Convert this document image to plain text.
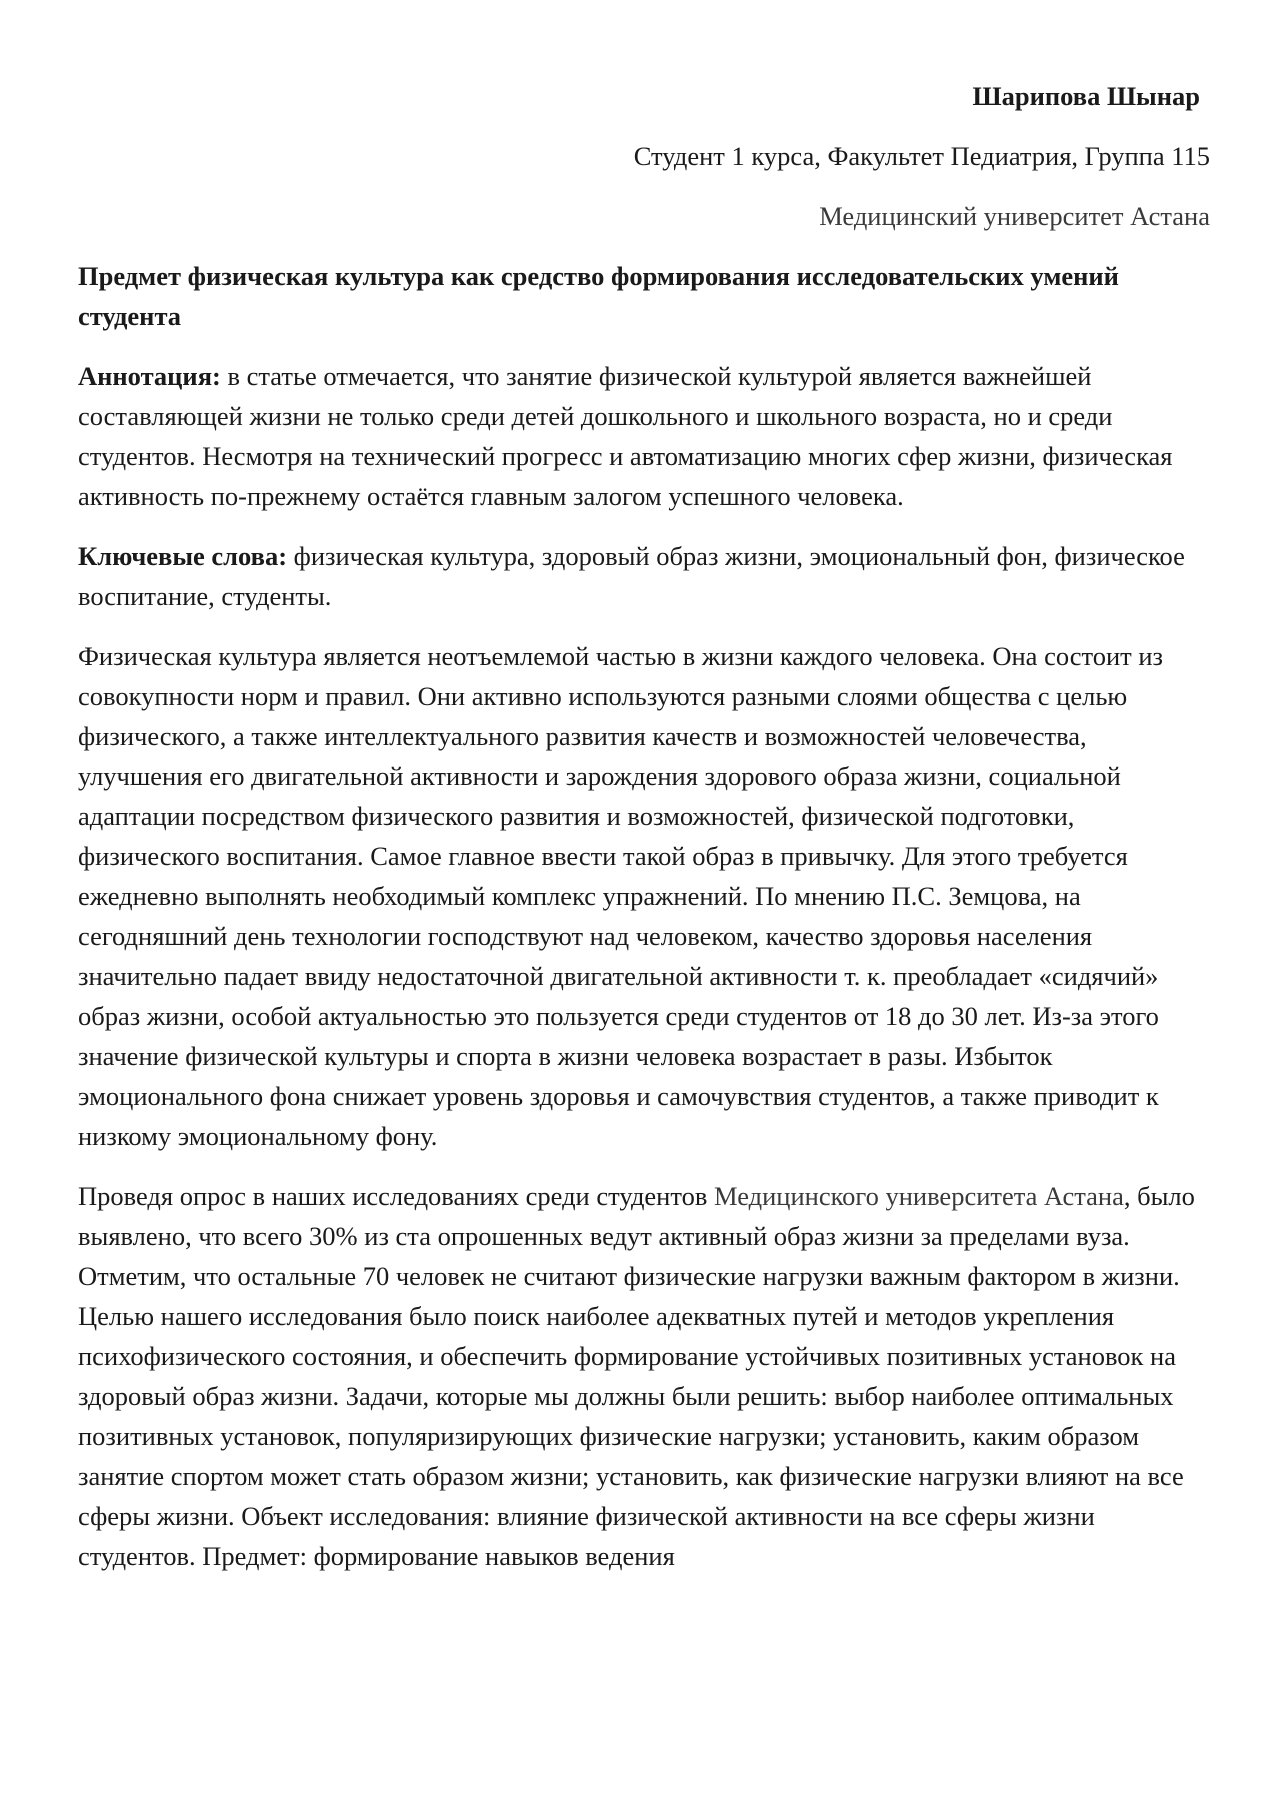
Шарипова Шынар

Студент 1 курса, Факультет Педиатрия, Группа 115

Медицинский университет Астана

Предмет физическая культура как средство формирования исследовательских умений студента

Аннотация: в статье отмечается, что занятие физической культурой является важнейшей составляющей жизни не только среди детей дошкольного и школьного возраста, но и среди студентов. Несмотря на технический прогресс и автоматизацию многих сфер жизни, физическая активность по-прежнему остаётся главным залогом успешного человека.

Ключевые слова: физическая культура, здоровый образ жизни, эмоциональный фон, физическое воспитание, студенты.

Физическая культура является неотъемлемой частью в жизни каждого человека. Она состоит из совокупности норм и правил. Они активно используются разными слоями общества с целью физического, а также интеллектуального развития качеств и возможностей человечества, улучшения его двигательной активности и зарождения здорового образа жизни, социальной адаптации посредством физического развития и возможностей, физической подготовки, физического воспитания. Самое главное ввести такой образ в привычку. Для этого требуется ежедневно выполнять необходимый комплекс упражнений. По мнению П.С. Земцова, на сегодняшний день технологии господствуют над человеком, качество здоровья населения значительно падает ввиду недостаточной двигательной активности т. к. преобладает «сидячий» образ жизни, особой актуальностью это пользуется среди студентов от 18 до 30 лет. Из-за этого значение физической культуры и спорта в жизни человека возрастает в разы. Избыток эмоционального фона снижает уровень здоровья и самочувствия студентов, а также приводит к низкому эмоциональному фону.

Проведя опрос в наших исследованиях среди студентов Медицинского университета Астана, было выявлено, что всего 30% из ста опрошенных ведут активный образ жизни за пределами вуза. Отметим, что остальные 70 человек не считают физические нагрузки важным фактором в жизни. Целью нашего исследования было поиск наиболее адекватных путей и методов укрепления психофизического состояния, и обеспечить формирование устойчивых позитивных установок на здоровый образ жизни. Задачи, которые мы должны были решить: выбор наиболее оптимальных позитивных установок, популяризирующих физические нагрузки; установить, каким образом занятие спортом может стать образом жизни; установить, как физические нагрузки влияют на все сферы жизни. Объект исследования: влияние физической активности на все сферы жизни студентов. Предмет: формирование навыков ведения
